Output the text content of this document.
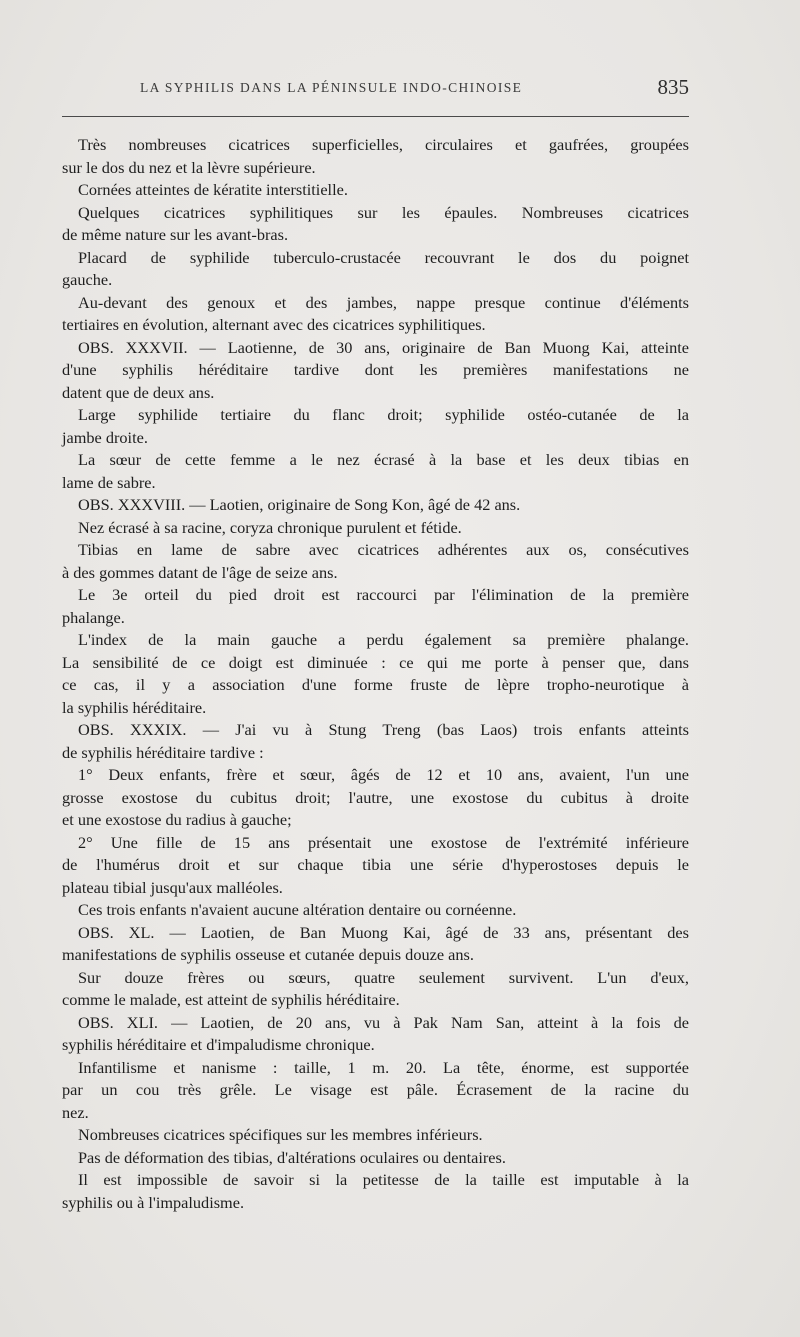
LA SYPHILIS DANS LA PÉNINSULE INDO-CHINOISE	835
Très nombreuses cicatrices superficielles, circulaires et gaufrées, groupées
sur le dos du nez et la lèvre supérieure.
Cornées atteintes de kératite interstitielle.
Quelques cicatrices syphilitiques sur les épaules. Nombreuses cicatrices
de même nature sur les avant-bras.
Placard de syphilide tuberculo-crustacée recouvrant le dos du poignet
gauche.
Au-devant des genoux et des jambes, nappe presque continue d'éléments
tertiaires en évolution, alternant avec des cicatrices syphilitiques.
OBS. XXXVII. — Laotienne, de 30 ans, originaire de Ban Muong Kai, atteinte
d'une syphilis héréditaire tardive dont les premières manifestations ne
datent que de deux ans.
Large syphilide tertiaire du flanc droit; syphilide ostéo-cutanée de la
jambe droite.
La sœur de cette femme a le nez écrasé à la base et les deux tibias en
lame de sabre.
OBS. XXXVIII. — Laotien, originaire de Song Kon, âgé de 42 ans.
Nez écrasé à sa racine, coryza chronique purulent et fétide.
Tibias en lame de sabre avec cicatrices adhérentes aux os, consécutives
à des gommes datant de l'âge de seize ans.
Le 3e orteil du pied droit est raccourci par l'élimination de la première
phalange.
L'index de la main gauche a perdu également sa première phalange.
La sensibilité de ce doigt est diminuée : ce qui me porte à penser que, dans
ce cas, il y a association d'une forme fruste de lèpre tropho-neurotique à
la syphilis héréditaire.
OBS. XXXIX. — J'ai vu à Stung Treng (bas Laos) trois enfants atteints
de syphilis héréditaire tardive :
1° Deux enfants, frère et sœur, âgés de 12 et 10 ans, avaient, l'un une
grosse exostose du cubitus droit; l'autre, une exostose du cubitus à droite
et une exostose du radius à gauche;
2° Une fille de 15 ans présentait une exostose de l'extrémité inférieure
de l'humérus droit et sur chaque tibia une série d'hyperostoses depuis le
plateau tibial jusqu'aux malléoles.
Ces trois enfants n'avaient aucune altération dentaire ou cornéenne.
OBS. XL. — Laotien, de Ban Muong Kai, âgé de 33 ans, présentant des
manifestations de syphilis osseuse et cutanée depuis douze ans.
Sur douze frères ou sœurs, quatre seulement survivent. L'un d'eux,
comme le malade, est atteint de syphilis héréditaire.
OBS. XLI. — Laotien, de 20 ans, vu à Pak Nam San, atteint à la fois de
syphilis héréditaire et d'impaludisme chronique.
Infantilisme et nanisme : taille, 1 m. 20. La tête, énorme, est supportée
par un cou très grêle. Le visage est pâle. Écrasement de la racine du
nez.
Nombreuses cicatrices spécifiques sur les membres inférieurs.
Pas de déformation des tibias, d'altérations oculaires ou dentaires.
Il est impossible de savoir si la petitesse de la taille est imputable à la
syphilis ou à l'impaludisme.
